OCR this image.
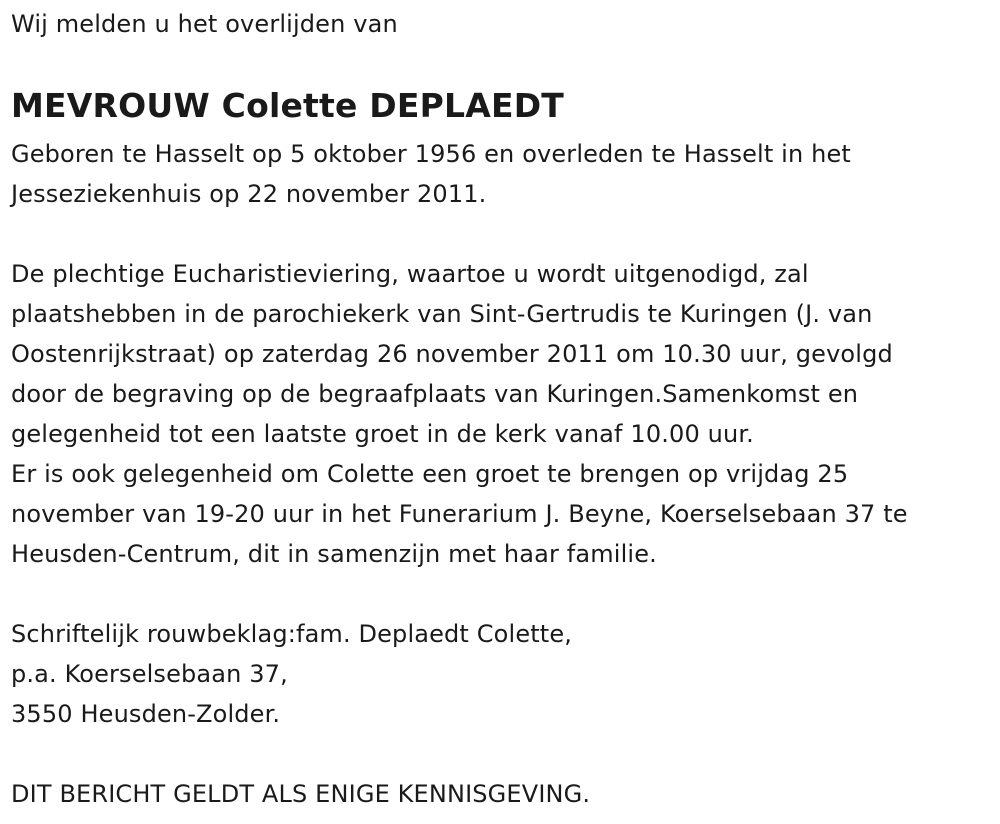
Wij melden u het overlijden van

MEVROUW Colette DEPLAEDT

Geboren te Hasselt op 5 oktober 1956 en overleden te Hasselt in het

Jesseziekenhuis op 22 november 2011.

De plechtige Eucharistieviering, waartoe u wordt uitgenodigd, zal

plaatshebben in de parochiekerk van Sint-Gertrudis te Kuringen (J. van

Oostenrijkstraat) op zaterdag 26 november 2011 om 10.30 uur, gevolgd

door de begraving op de begraafplaats van Kuringen.Samenkomst en

gelegenheid tot een laatste groet in de kerk vanaf 10.00 uur.

Er is ook gelegenheid om Colette een groet te brengen op vrijdag 25

november van 19-20 uur in het Funerarium J. Beyne, Koerselsebaan 37 te

Heusden-Centrum, dit in samenzijn met haar familie.

Schriftelijk rouwbeklag:fam. Deplaedt Colette,

p.a. Koerselsebaan 37,

3550 Heusden-Zolder.

DIT BERICHT GELDT ALS ENIGE KENNISGEVING.
